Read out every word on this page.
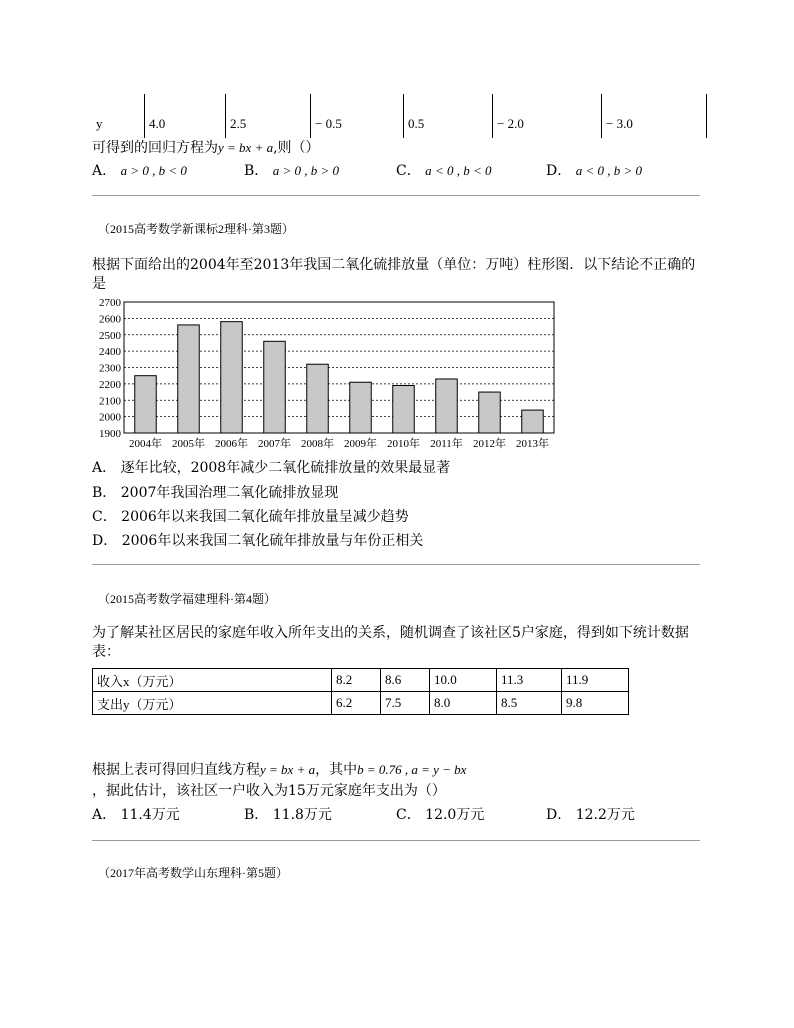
y	4.0	2.5	− 0.5	0.5	− 2.0	− 3.0
可得到的回归方程为y = bx + a,则（）
A． a > 0 , b < 0	B． a > 0 , b > 0	C． a < 0 , b < 0	D． a < 0 , b > 0
（2015高考数学新课标2理科·第3题）
根据下面给出的2004年至2013年我国二氧化硫排放量（单位：万吨）柱形图．以下结论不正确的是
1900
2000
2100
2200
2300
2400
2500
2600
2700
2004年 2005年 2006年 2007年 2008年 2009年 2010年 2011年 2012年 2013年
A． 逐年比较，2008年减少二氧化硫排放量的效果最显著
B． 2007年我国治理二氧化硫排放显现
C． 2006年以来我国二氧化硫年排放量呈减少趋势
D． 2006年以来我国二氧化硫年排放量与年份正相关
（2015高考数学福建理科·第4题）
为了解某社区居民的家庭年收入所年支出的关系，随机调查了该社区5户家庭，得到如下统计数据表：
收入x（万元）	8.2	8.6	10.0	11.3	11.9
支出y（万元）	6.2	7.5	8.0	8.5	9.8
根据上表可得回归直线方程y = bx + a，其中b = 0.76 , a = y − bx
，据此估计，该社区一户收入为15万元家庭年支出为（）
A． 11.4万元	B． 11.8万元	C． 12.0万元	D． 12.2万元
（2017年高考数学山东理科·第5题）
